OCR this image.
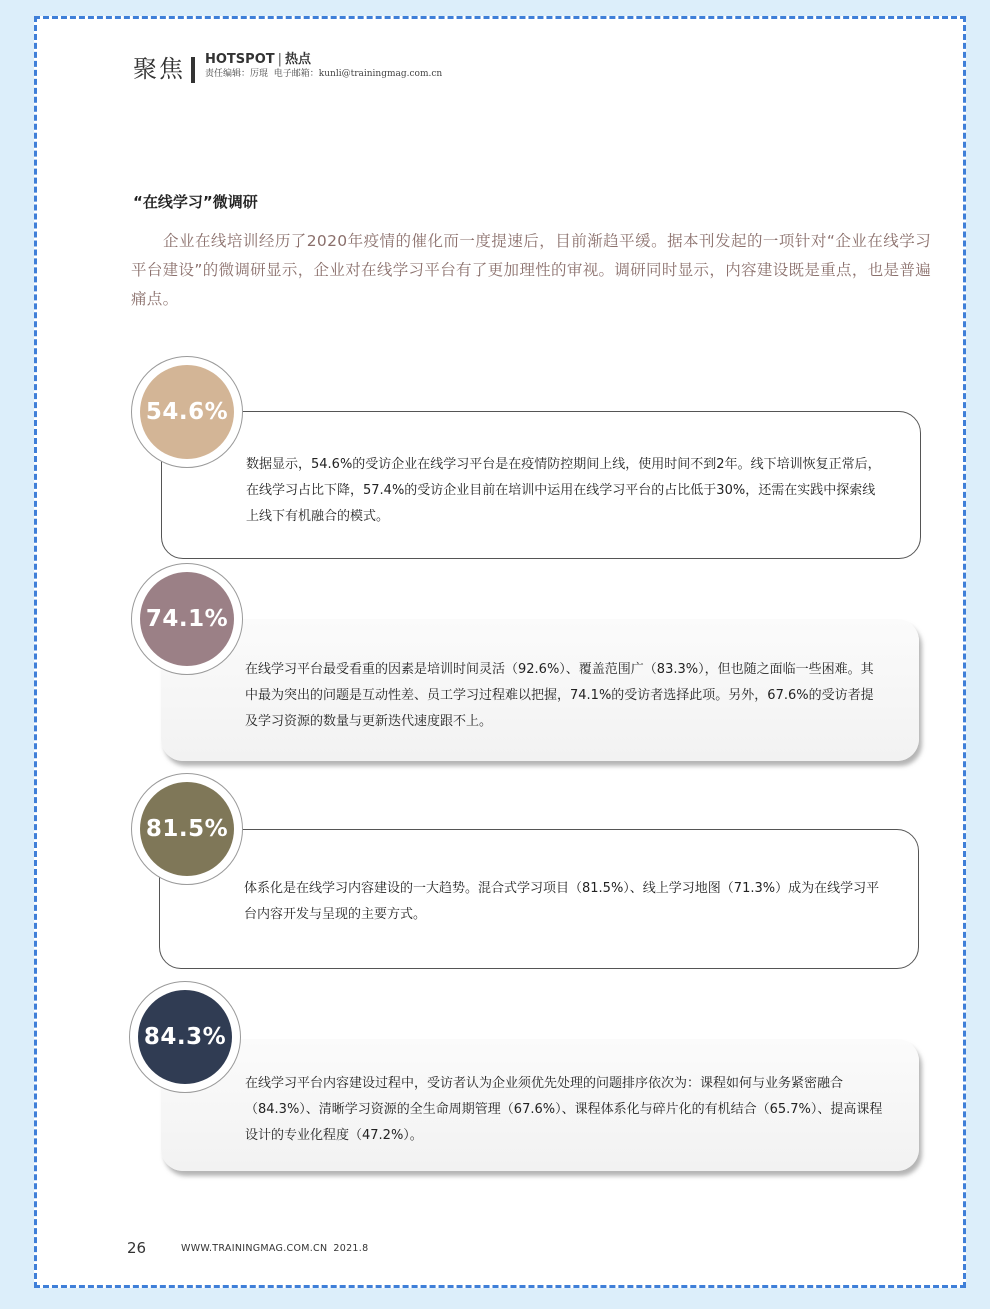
聚焦 HOTSPOT | 热点
责任编辑：厉琨 电子邮箱：kunli@trainingmag.com.cn
“在线学习”微调研

企业在线培训经历了2020年疫情的催化而一度提速后，目前渐趋平缓。据本刊发起的一项针对“企业在线学习平台建设”的微调研显示，企业对在线学习平台有了更加理性的审视。调研同时显示，内容建设既是重点，也是普遍痛点。

数据显示，54.6%的受访企业在线学习平台是在疫情防控期间上线，使用时间不到2年。线下培训恢复正常后，在线学习占比下降，57.4%的受访企业目前在培训中运用在线学习平台的占比低于30%，还需在实践中探索线上线下有机融合的模式。

54.6%

在线学习平台最受看重的因素是培训时间灵活（92.6%）、覆盖范围广（83.3%），但也随之面临一些困难。其中最为突出的问题是互动性差、员工学习过程难以把握，74.1%的受访者选择此项。另外，67.6%的受访者提及学习资源的数量与更新迭代速度跟不上。

74.1%

体系化是在线学习内容建设的一大趋势。混合式学习项目（81.5%）、线上学习地图（71.3%）成为在线学习平台内容开发与呈现的主要方式。

81.5%

在线学习平台内容建设过程中，受访者认为企业须优先处理的问题排序依次为：课程如何与业务紧密融合（84.3%）、清晰学习资源的全生命周期管理（67.6%）、课程体系化与碎片化的有机结合（65.7%）、提高课程设计的专业化程度（47.2%）。

84.3%
26	WWW.TRAININGMAG.COM.CN 2021.8
